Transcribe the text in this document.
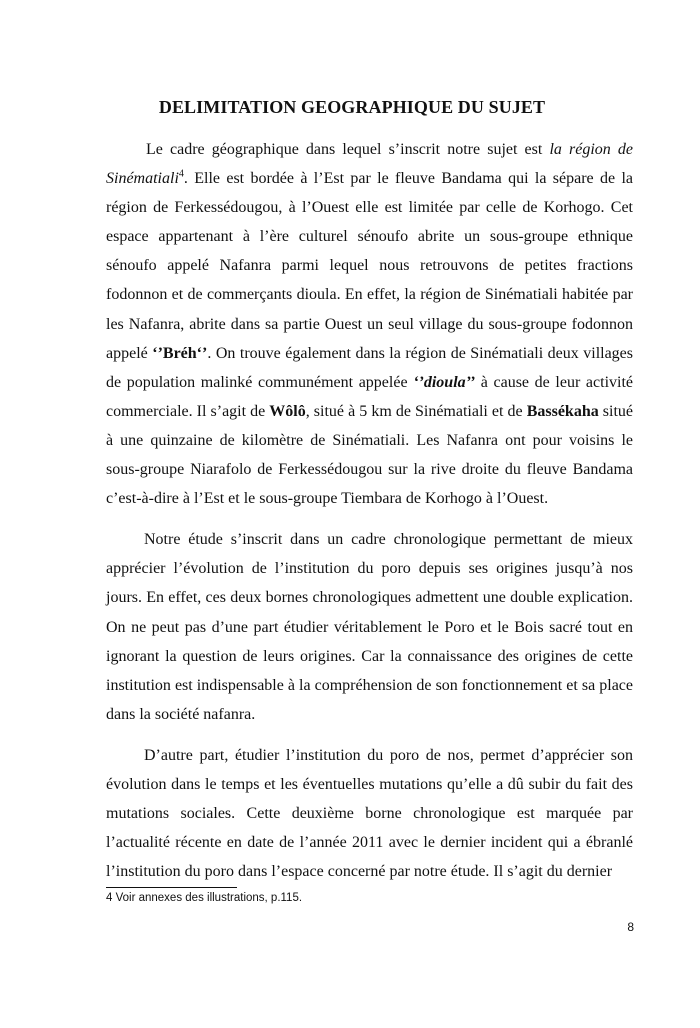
DELIMITATION GEOGRAPHIQUE DU SUJET

Le cadre géographique dans lequel s’inscrit notre sujet est la région de Sinématiali$^4$. Elle est bordée à l’Est par le fleuve Bandama qui la sépare de la région de Ferkessédougou, à l’Ouest elle est limitée par celle de Korhogo. Cet espace appartenant à l’ère culturel sénoufo abrite un sous-groupe ethnique sénoufo appelé Nafanra parmi lequel nous retrouvons de petites fractions fodonnon et de commerçants dioula. En effet, la région de Sinématiali habitée par les Nafanra, abrite dans sa partie Ouest un seul village du sous-groupe fodonnon appelé ‘’Bréh‘’. On trouve également dans la région de Sinématiali deux villages de population malinké communément appelée ‘’dioula’’ à cause de leur activité commerciale. Il s’agit de Wôlô, situé à 5 km de Sinématiali et de Bassékaha situé à une quinzaine de kilomètre de Sinématiali. Les Nafanra ont pour voisins le sous-groupe Niarafolo de Ferkessédougou sur la rive droite du fleuve Bandama c’est-à-dire à l’Est et le sous-groupe Tiembara de Korhogo à l’Ouest.

Notre étude s’inscrit dans un cadre chronologique permettant de mieux apprécier l’évolution de l’institution du poro depuis ses origines jusqu’à nos jours. En effet, ces deux bornes chronologiques admettent une double explication. On ne peut pas d’une part étudier véritablement le Poro et le Bois sacré tout en ignorant la question de leurs origines. Car la connaissance des origines de cette institution est indispensable à la compréhension de son fonctionnement et sa place dans la société nafanra.

D’autre part, étudier l’institution du poro de nos, permet d’apprécier son évolution dans le temps et les éventuelles mutations qu’elle a dû subir du fait des mutations sociales. Cette deuxième borne chronologique est marquée par l’actualité récente en date de l’année 2011 avec le dernier incident qui a ébranlé l’institution du poro dans l’espace concerné par notre étude. Il s’agit du dernier

4 Voir annexes des illustrations, p.115.
8
